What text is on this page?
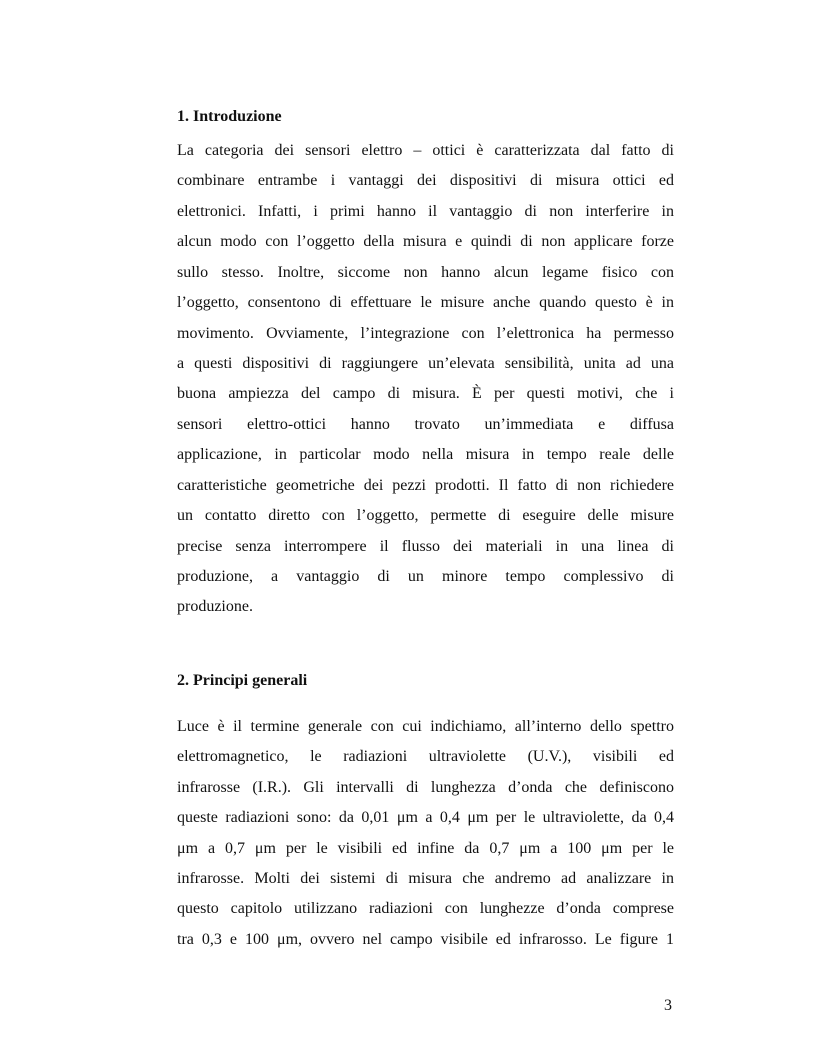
1. Introduzione
La categoria dei sensori elettro – ottici è caratterizzata dal fatto di
combinare entrambe i vantaggi dei dispositivi di misura ottici ed
elettronici. Infatti, i primi hanno il vantaggio di non interferire in
alcun modo con l’oggetto della misura e quindi di non applicare forze
sullo stesso. Inoltre, siccome non hanno alcun legame fisico con
l’oggetto, consentono di effettuare le misure anche quando questo è in
movimento. Ovviamente, l’integrazione con l’elettronica ha permesso
a questi dispositivi di raggiungere un’elevata sensibilità, unita ad una
buona ampiezza del campo di misura. È per questi motivi, che i
sensori elettro-ottici hanno trovato un’immediata e diffusa
applicazione, in particolar modo nella misura in tempo reale delle
caratteristiche geometriche dei pezzi prodotti. Il fatto di non richiedere
un contatto diretto con l’oggetto, permette di eseguire delle misure
precise senza interrompere il flusso dei materiali in una linea di
produzione, a vantaggio di un minore tempo complessivo di
produzione.
2. Principi generali
Luce è il termine generale con cui indichiamo, all’interno dello spettro
elettromagnetico, le radiazioni ultraviolette (U.V.), visibili ed
infrarosse (I.R.). Gli intervalli di lunghezza d’onda che definiscono
queste radiazioni sono: da 0,01 μm a 0,4 μm per le ultraviolette, da 0,4
μm a 0,7 μm per le visibili ed infine da 0,7 μm a 100 μm per le
infrarosse. Molti dei sistemi di misura che andremo ad analizzare in
questo capitolo utilizzano radiazioni con lunghezze d’onda comprese
tra 0,3 e 100 μm, ovvero nel campo visibile ed infrarosso. Le figure 1
3
